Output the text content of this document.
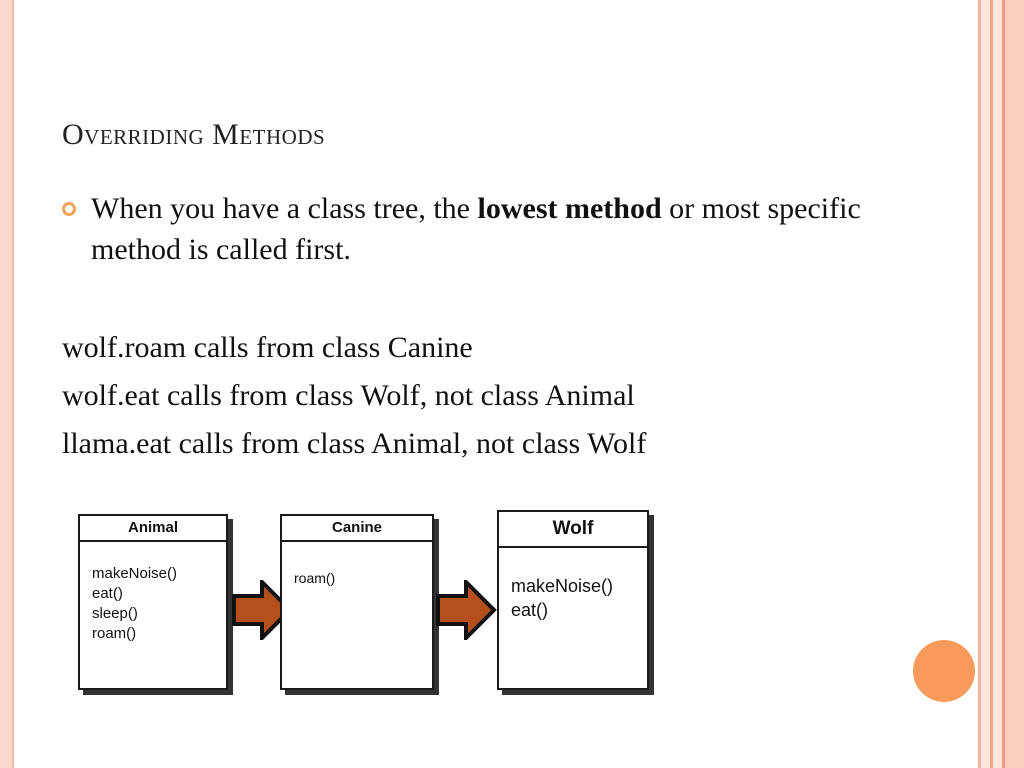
Overriding Methods
When you have a class tree, the lowest method or most specific method is called first.
wolf.roam calls from class Canine
wolf.eat calls from class Wolf, not class Animal
llama.eat calls from class Animal, not class Wolf
Animal
makeNoise()
eat()
sleep()
roam()
Canine
roam()
Wolf
makeNoise()
eat()
